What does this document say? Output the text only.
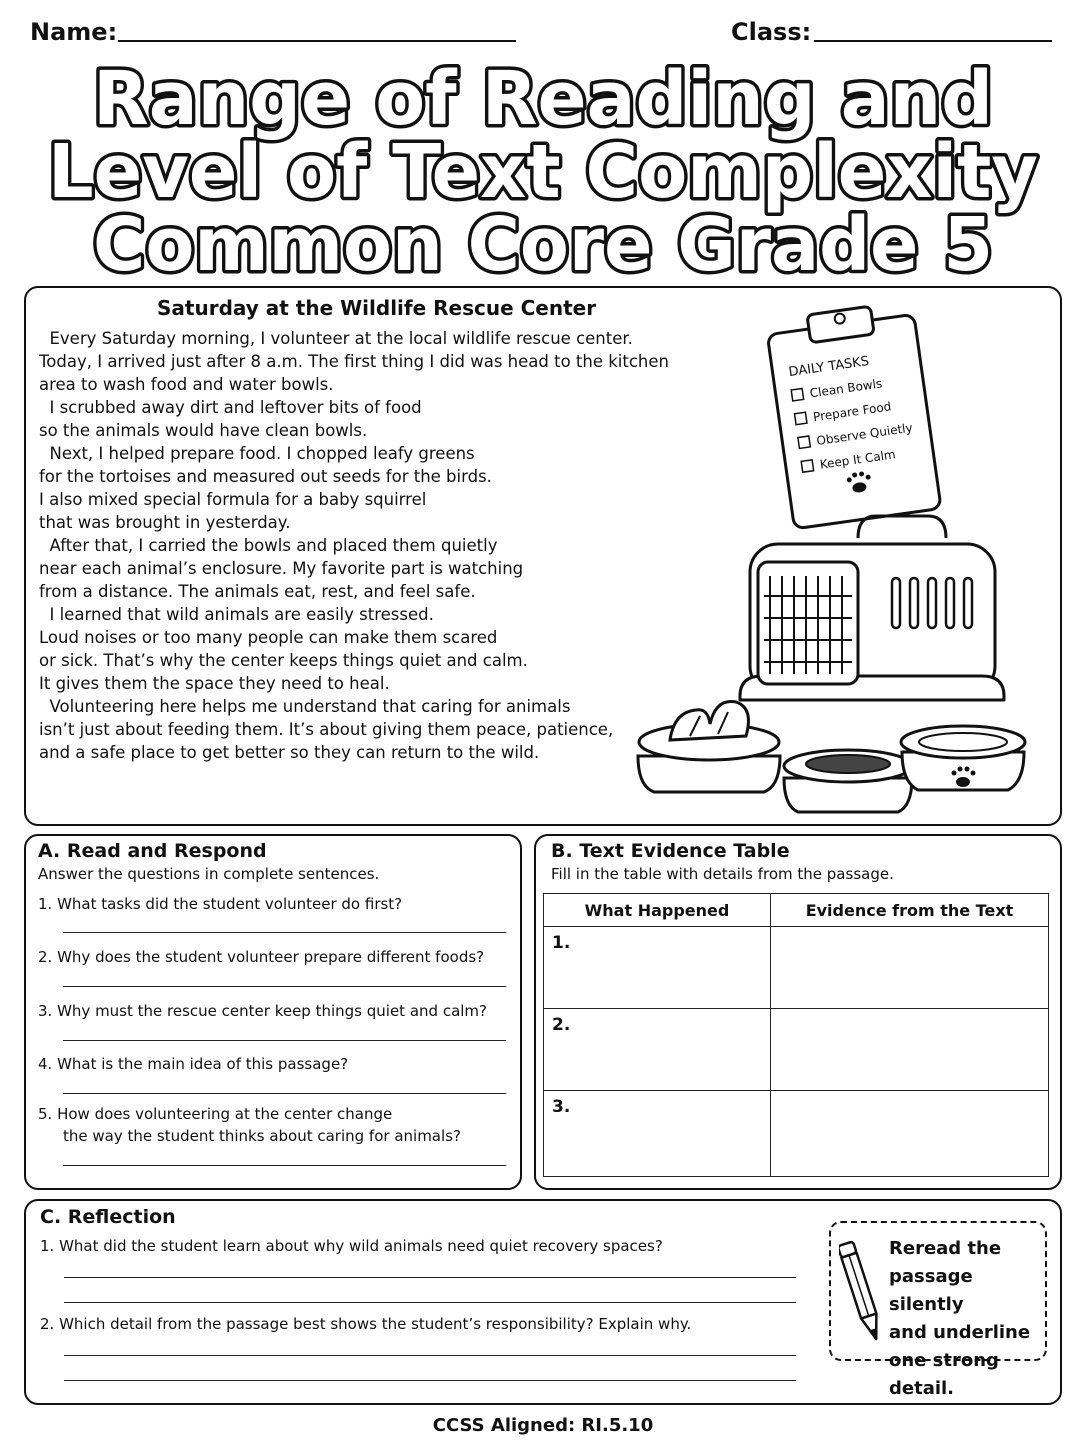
Name:	Class:
Range of Reading and
Level of Text Complexity
Common Core Grade 5
Saturday at the Wildlife Rescue Center
Every Saturday morning, I volunteer at the local wildlife rescue center.
Today, I arrived just after 8 a.m. The first thing I did was head to the kitchen
area to wash food and water bowls.
I scrubbed away dirt and leftover bits of food
so the animals would have clean bowls.
Next, I helped prepare food. I chopped leafy greens
for the tortoises and measured out seeds for the birds.
I also mixed special formula for a baby squirrel
that was brought in yesterday.
After that, I carried the bowls and placed them quietly
near each animal’s enclosure. My favorite part is watching
from a distance. The animals eat, rest, and feel safe.
I learned that wild animals are easily stressed.
Loud noises or too many people can make them scared
or sick. That’s why the center keeps things quiet and calm.
It gives them the space they need to heal.
Volunteering here helps me understand that caring for animals
isn’t just about feeding them. It’s about giving them peace, patience,
and a safe place to get better so they can return to the wild.
DAILY TASKS
Clean Bowls
Prepare Food
Observe Quietly
Keep It Calm
A. Read and Respond
Answer the questions in complete sentences.
1. What tasks did the student volunteer do first?
2. Why does the student volunteer prepare different foods?
3. Why must the rescue center keep things quiet and calm?
4. What is the main idea of this passage?
5. How does volunteering at the center change
the way the student thinks about caring for animals?
B. Text Evidence Table
Fill in the table with details from the passage.
What Happened	Evidence from the Text
1.	
2.	
3.	
C. Reflection
1. What did the student learn about why wild animals need quiet recovery spaces?
2. Which detail from the passage best shows the student’s responsibility? Explain why.
Reread the
passage silently
and underline
one strong detail.
CCSS Aligned: RI.5.10
